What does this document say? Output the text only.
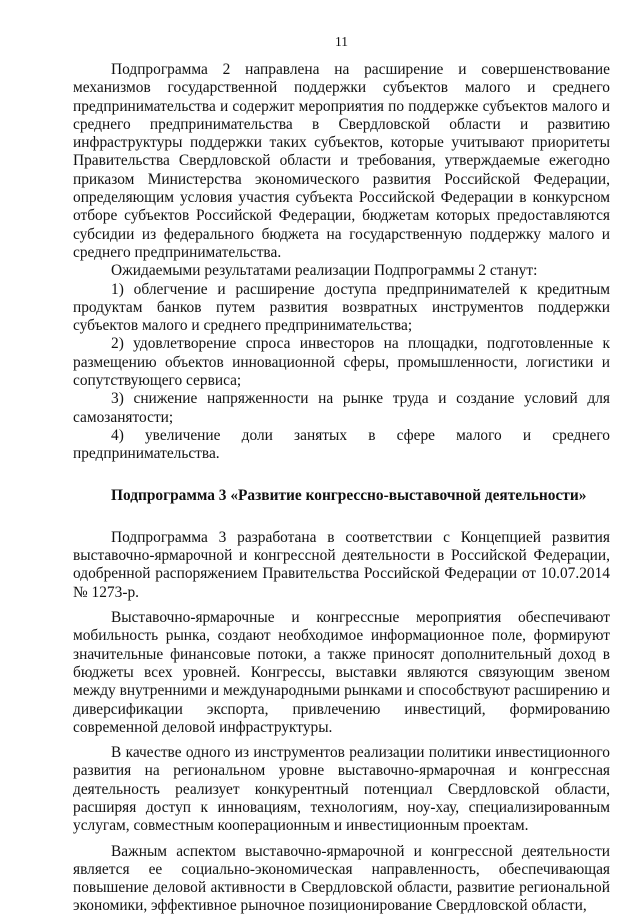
11

Подпрограмма 2 направлена на расширение и совершенствование механизмов государственной поддержки субъектов малого и среднего предпринимательства и содержит мероприятия по поддержке субъектов малого и среднего предпринимательства в Свердловской области и развитию инфраструктуры поддержки таких субъектов, которые учитывают приоритеты Правительства Свердловской области и требования, утверждаемые ежегодно приказом Министерства экономического развития Российской Федерации, определяющим условия участия субъекта Российской Федерации в конкурсном отборе субъектов Российской Федерации, бюджетам которых предоставляются субсидии из федерального бюджета на государственную поддержку малого и среднего предпринимательства.

Ожидаемыми результатами реализации Подпрограммы 2 станут:

1) облегчение и расширение доступа предпринимателей к кредитным продуктам банков путем развития возвратных инструментов поддержки субъектов малого и среднего предпринимательства;

2) удовлетворение спроса инвесторов на площадки, подготовленные к размещению объектов инновационной сферы, промышленности, логистики и сопутствующего сервиса;

3) снижение напряженности на рынке труда и создание условий для самозанятости;

4) увеличение доли занятых в сфере малого и среднего предпринимательства.

Подпрограмма 3 «Развитие конгрессно-выставочной деятельности»

Подпрограмма 3 разработана в соответствии с Концепцией развития выставочно-ярмарочной и конгрессной деятельности в Российской Федерации, одобренной распоряжением Правительства Российской Федерации от 10.07.2014 № 1273-р.

Выставочно-ярмарочные и конгрессные мероприятия обеспечивают мобильность рынка, создают необходимое информационное поле, формируют значительные финансовые потоки, а также приносят дополнительный доход в бюджеты всех уровней. Конгрессы, выставки являются связующим звеном между внутренними и международными рынками и способствуют расширению и диверсификации экспорта, привлечению инвестиций, формированию современной деловой инфраструктуры.

В качестве одного из инструментов реализации политики инвестиционного развития на региональном уровне выставочно-ярмарочная и конгрессная деятельность реализует конкурентный потенциал Свердловской области, расширяя доступ к инновациям, технологиям, ноу-хау, специализированным услугам, совместным кооперационным и инвестиционным проектам.

Важным аспектом выставочно-ярмарочной и конгрессной деятельности является ее социально-экономическая направленность, обеспечивающая повышение деловой активности в Свердловской области, развитие региональной экономики, эффективное рыночное позиционирование Свердловской области,
